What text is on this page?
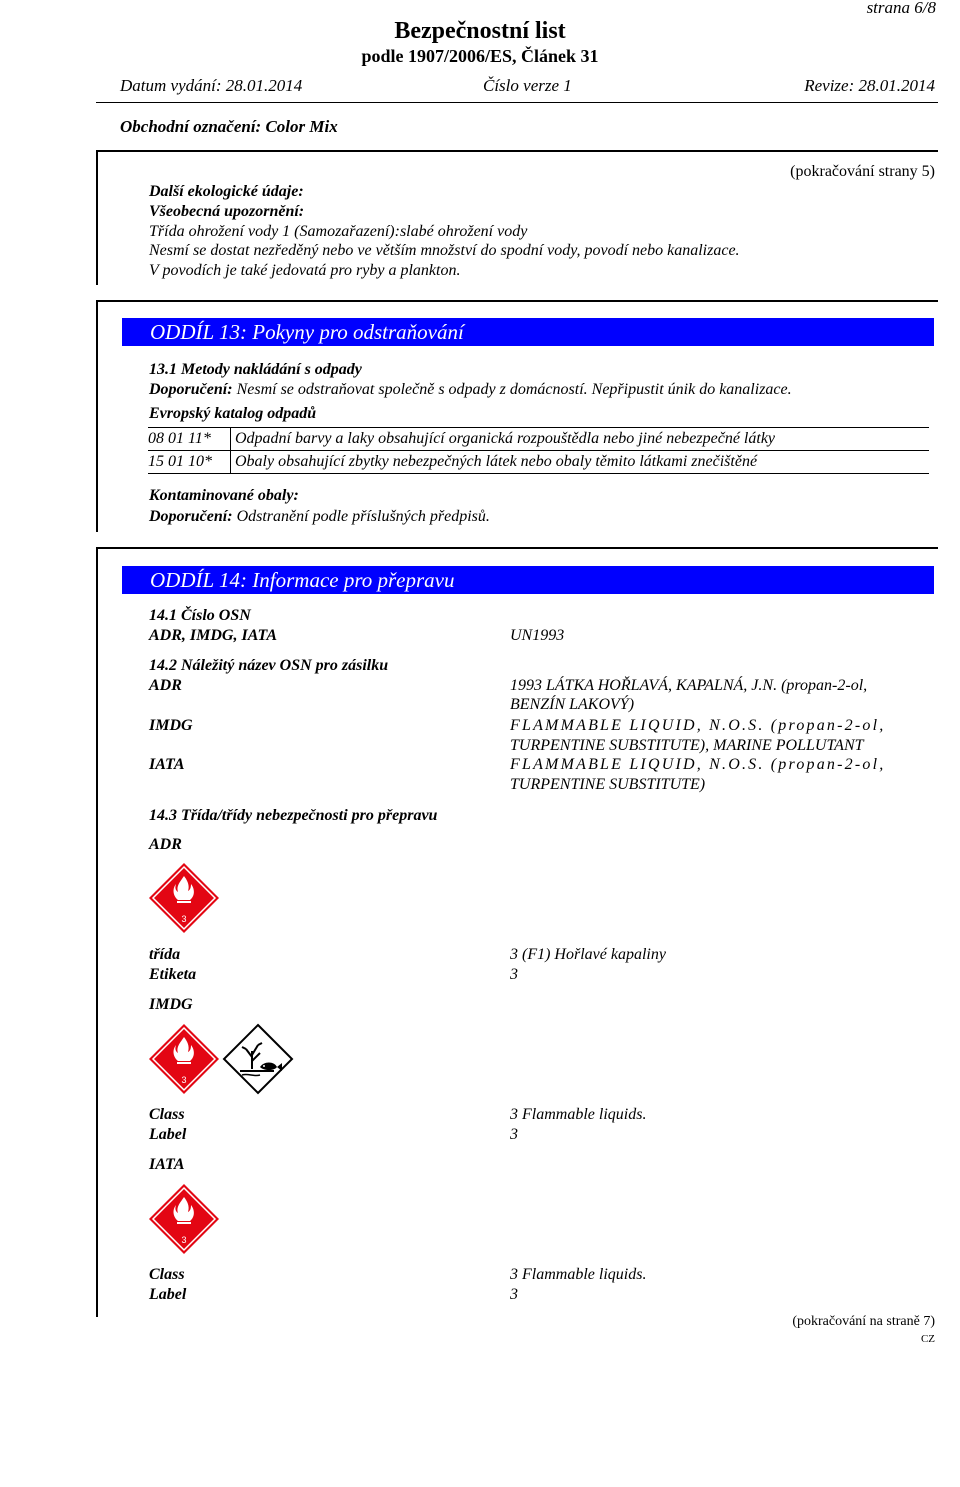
strana 6/8
Bezpečnostní list
podle 1907/2006/ES, Článek 31
Datum vydání: 28.01.2014	Číslo verze 1	Revize: 28.01.2014
Obchodní označení: Color Mix
(pokračování strany 5)
Další ekologické údaje:
Všeobecná upozornění:
Třída ohrožení vody 1 (Samozařazení):slabé ohrožení vody
Nesmí se dostat nezředěný nebo ve větším množství do spodní vody, povodí nebo kanalizace.
V povodích je také jedovatá pro ryby a plankton.
ODDÍL 13: Pokyny pro odstraňování
13.1 Metody nakládání s odpady
Doporučení: Nesmí se odstraňovat společně s odpady z domácností. Nepřipustit únik do kanalizace.
Evropský katalog odpadů
08 01 11*	Odpadní barvy a laky obsahující organická rozpouštědla nebo jiné nebezpečné látky
15 01 10*	Obaly obsahující zbytky nebezpečných látek nebo obaly těmito látkami znečištěné
Kontaminované obaly:
Doporučení: Odstranění podle příslušných předpisů.
ODDÍL 14: Informace pro přepravu
14.1 Číslo OSN
ADR, IMDG, IATA	UN1993
14.2 Náležitý název OSN pro zásilku
ADR	1993 LÁTKA HOŘLAVÁ, KAPALNÁ, J.N. (propan-2-ol,
BENZÍN LAKOVÝ)
IMDG	FLAMMABLE LIQUID, N.O.S. (propan-2-ol,
TURPENTINE SUBSTITUTE), MARINE POLLUTANT
IATA	FLAMMABLE LIQUID, N.O.S. (propan-2-ol,
TURPENTINE SUBSTITUTE)
14.3 Třída/třídy nebezpečnosti pro přepravu
ADR
3
třída	3 (F1) Hořlavé kapaliny
Etiketa	3
IMDG
3
Class	3 Flammable liquids.
Label	3
IATA
3
Class	3 Flammable liquids.
Label	3
(pokračování na straně 7)
CZ
